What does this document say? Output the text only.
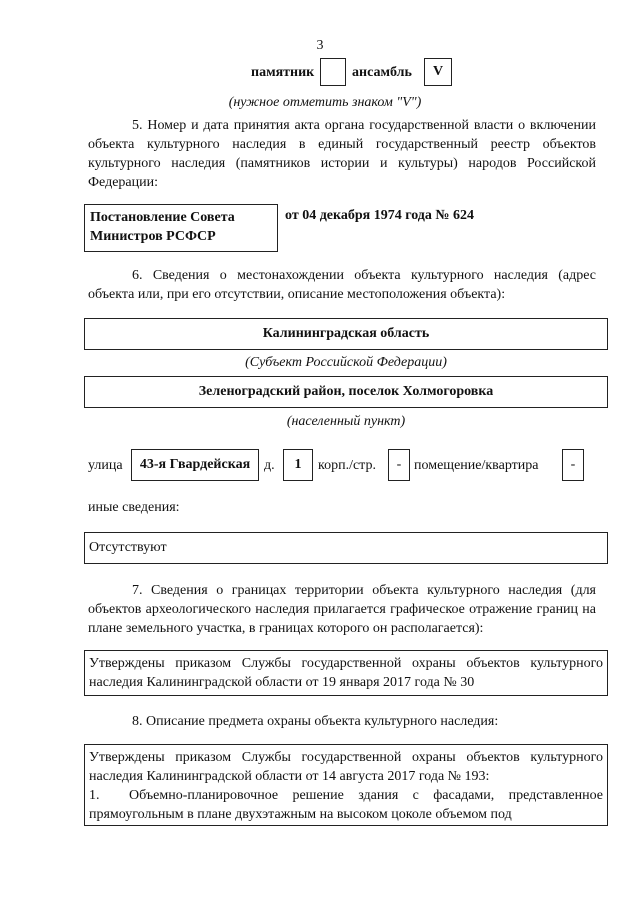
3
памятник	ансамбль	V
(нужное отметить знаком "V")
5. Номер и дата принятия акта органа государственной власти о включении объекта культурного наследия в единый государственный реестр объектов культурного наследия (памятников истории и культуры) народов Российской Федерации:
Постановление Совета
Министров РСФСР
от 04 декабря 1974 года № 624
6. Сведения о местонахождении объекта культурного наследия (адрес объекта или, при его отсутствии, описание местоположения объекта):
Калининградская область
(Субъект Российской Федерации)
Зеленоградский район, поселок Холмогоровка
(населенный пункт)
улица	43-я Гвардейская д.	1	корп./стр.	- помещение/квартира	-
иные сведения:
Отсутствуют
7. Сведения о границах территории объекта культурного наследия (для объектов археологического наследия прилагается графическое отражение границ на плане земельного участка, в границах которого он располагается):
Утверждены приказом Службы государственной охраны объектов культурного наследия Калининградской области от 19 января 2017 года № 30
8. Описание предмета охраны объекта культурного наследия:
Утверждены приказом Службы государственной охраны объектов культурного наследия Калининградской области от 14 августа 2017 года № 193:
1. Объемно-планировочное решение здания с фасадами, представленное прямоугольным в плане двухэтажным на высоком цоколе объемом под
